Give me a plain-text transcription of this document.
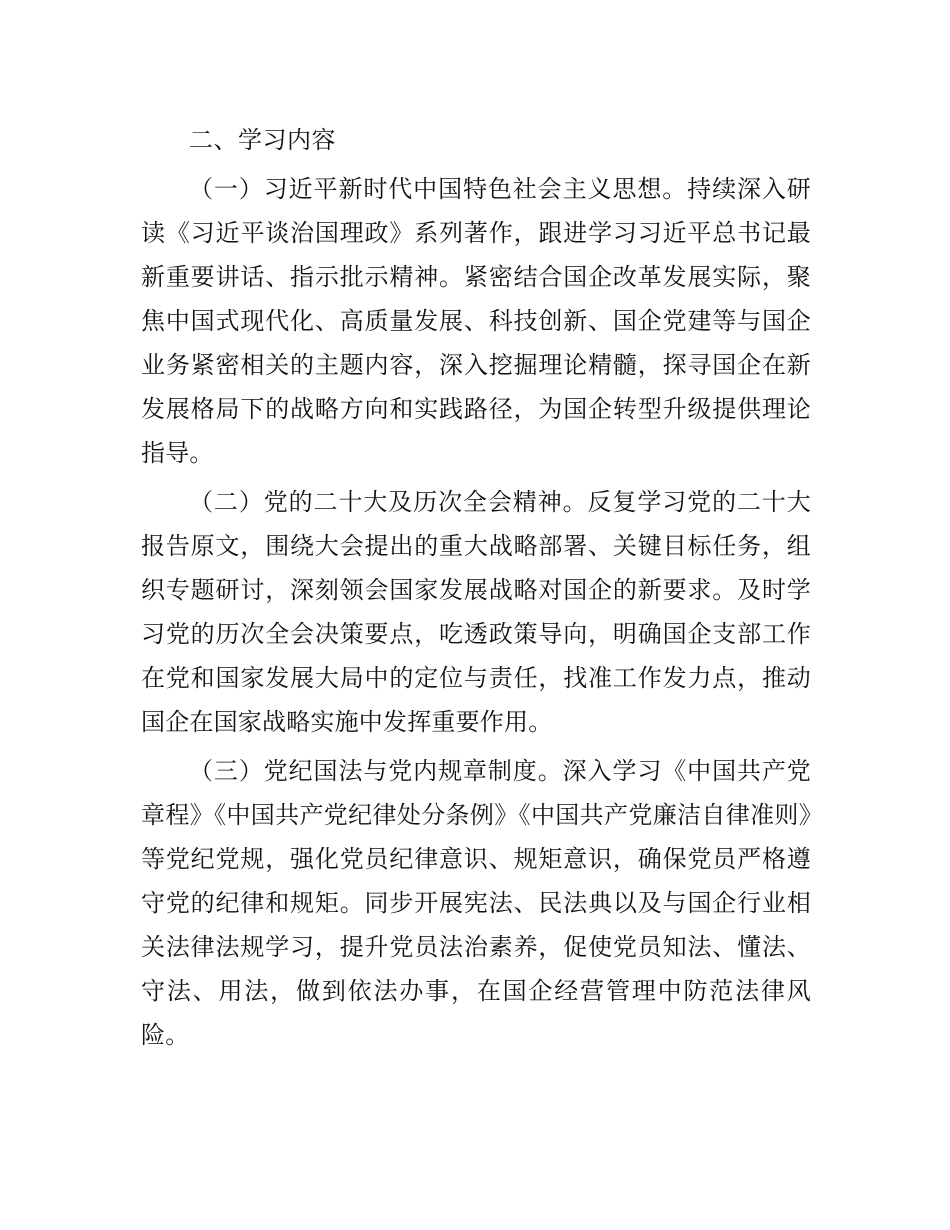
二、学习内容

（一）习近平新时代中国特色社会主义思想。持续深入研读《习近平谈治国理政》系列著作，跟进学习习近平总书记最新重要讲话、指示批示精神。紧密结合国企改革发展实际，聚焦中国式现代化、高质量发展、科技创新、国企党建等与国企业务紧密相关的主题内容，深入挖掘理论精髓，探寻国企在新发展格局下的战略方向和实践路径，为国企转型升级提供理论指导。

（二）党的二十大及历次全会精神。反复学习党的二十大报告原文，围绕大会提出的重大战略部署、关键目标任务，组织专题研讨，深刻领会国家发展战略对国企的新要求。及时学习党的历次全会决策要点，吃透政策导向，明确国企支部工作在党和国家发展大局中的定位与责任，找准工作发力点，推动国企在国家战略实施中发挥重要作用。

（三）党纪国法与党内规章制度。深入学习《中国共产党章程》《中国共产党纪律处分条例》《中国共产党廉洁自律准则》等党纪党规，强化党员纪律意识、规矩意识，确保党员严格遵守党的纪律和规矩。同步开展宪法、民法典以及与国企行业相关法律法规学习，提升党员法治素养，促使党员知法、懂法、守法、用法，做到依法办事，在国企经营管理中防范法律风险。
